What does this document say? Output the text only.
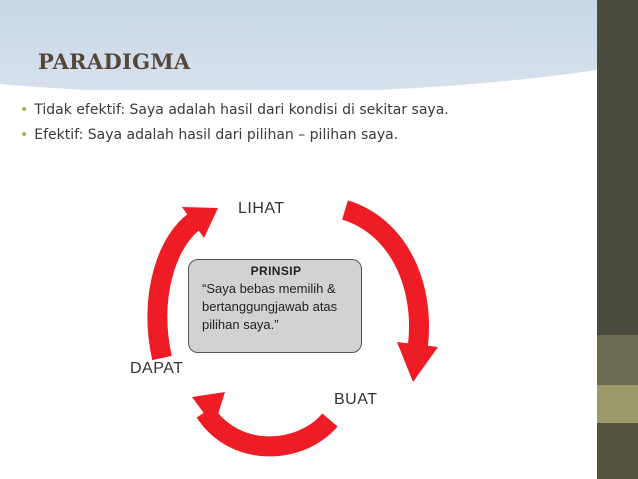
PARADIGMA
• Tidak efektif: Saya adalah hasil dari kondisi di sekitar saya.
• Efektif: Saya adalah hasil dari pilihan – pilihan saya.
LIHAT
BUAT
DAPAT
PRINSIP
“Saya bebas memilih & bertanggungjawab atas pilihan saya.”
